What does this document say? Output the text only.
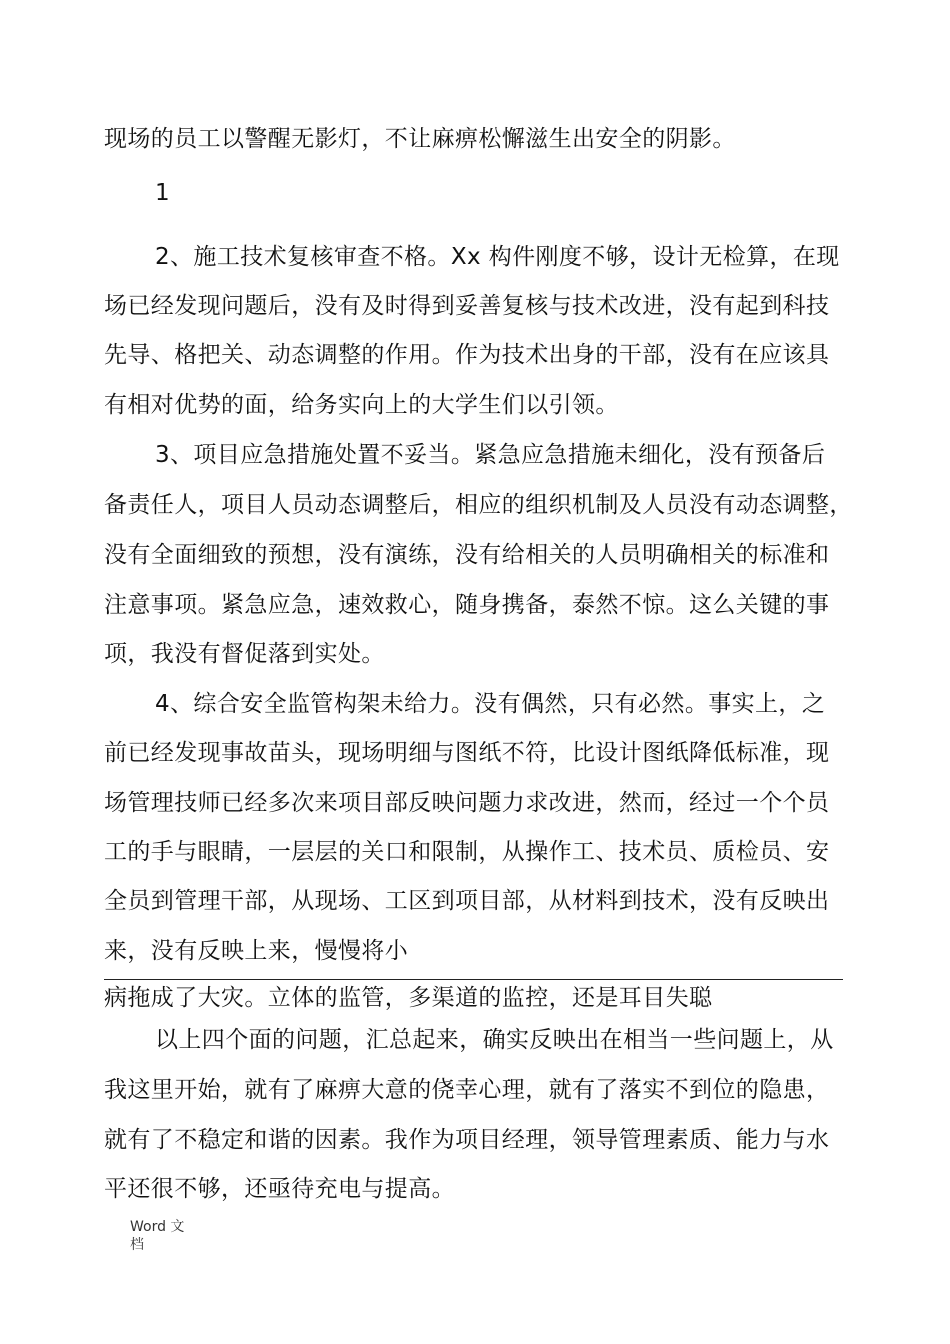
现场的员工以警醒无影灯，不让麻痹松懈滋生出安全的阴影。
1
2、施工技术复核审查不格。Xx 构件刚度不够，设计无检算，在现
场已经发现问题后，没有及时得到妥善复核与技术改进，没有起到科技
先导、格把关、动态调整的作用。作为技术出身的干部，没有在应该具
有相对优势的面，给务实向上的大学生们以引领。
3、项目应急措施处置不妥当。紧急应急措施未细化，没有预备后
备责任人，项目人员动态调整后，相应的组织机制及人员没有动态调整，
没有全面细致的预想，没有演练，没有给相关的人员明确相关的标准和
注意事项。紧急应急，速效救心，随身携备，泰然不惊。这么关键的事
项，我没有督促落到实处。
4、综合安全监管构架未给力。没有偶然，只有必然。事实上，之
前已经发现事故苗头，现场明细与图纸不符，比设计图纸降低标准，现
场管理技师已经多次来项目部反映问题力求改进，然而，经过一个个员
工的手与眼睛，一层层的关口和限制，从操作工、技术员、质检员、安
全员到管理干部，从现场、工区到项目部，从材料到技术，没有反映出
来，没有反映上来，慢慢将小
病拖成了大灾。立体的监管，多渠道的监控，还是耳目失聪
以上四个面的问题，汇总起来，确实反映出在相当一些问题上，从
我这里开始，就有了麻痹大意的侥幸心理，就有了落实不到位的隐患，
就有了不稳定和谐的因素。我作为项目经理，领导管理素质、能力与水
平还很不够，还亟待充电与提高。
Word 文档
